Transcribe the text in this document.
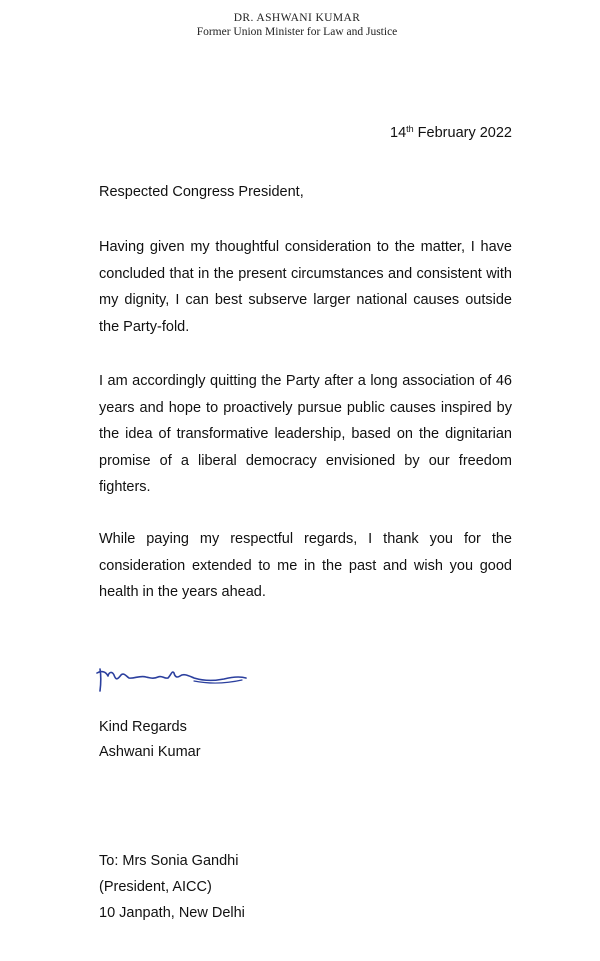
DR. ASHWANI KUMAR
Former Union Minister for Law and Justice
14th February 2022
Respected Congress President,

Having given my thoughtful consideration to the matter, I have concluded that in the present circumstances and consistent with my dignity, I can best subserve larger national causes outside the Party-fold.

I am accordingly quitting the Party after a long association of 46 years and hope to proactively pursue public causes inspired by the idea of transformative leadership, based on the dignitarian promise of a liberal democracy envisioned by our freedom fighters.

While paying my respectful regards, I thank you for the consideration extended to me in the past and wish you good health in the years ahead.

Kind Regards
Ashwani Kumar
To: Mrs Sonia Gandhi
(President, AICC)
10 Janpath, New Delhi
